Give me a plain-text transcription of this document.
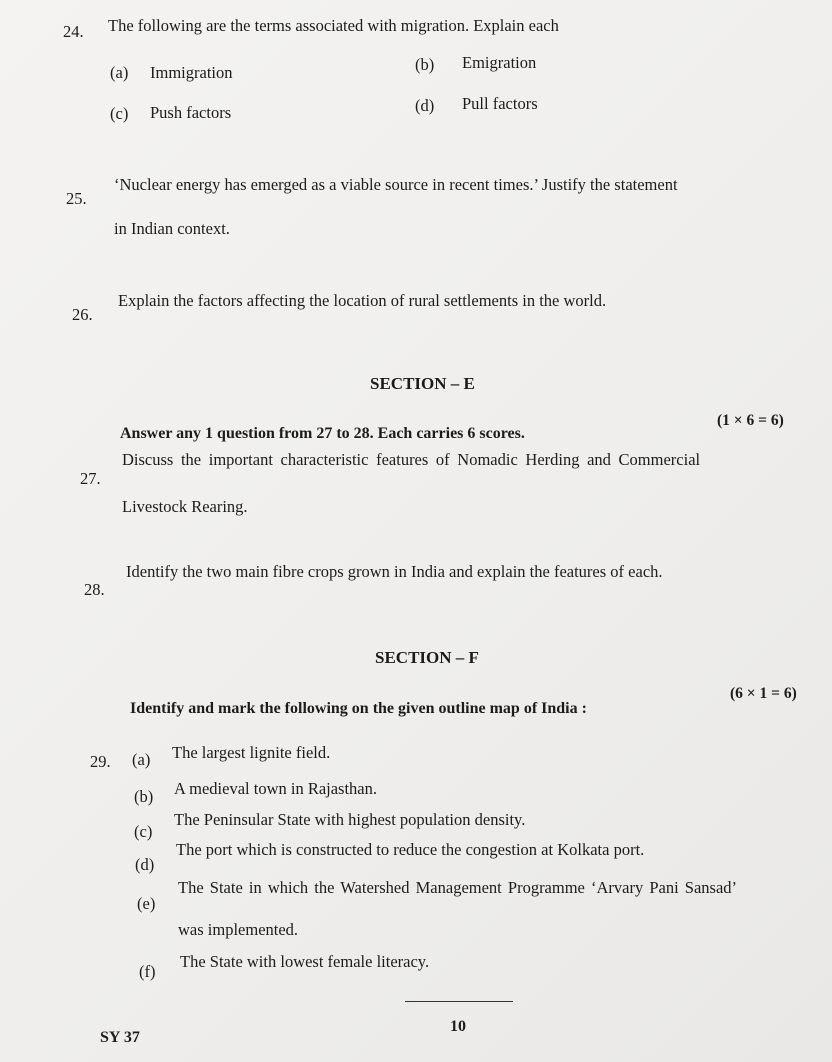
24. The following are the terms associated with migration. Explain each
(a) Immigration	(b) Emigration
(c) Push factors	(d) Pull factors
25.
‘Nuclear energy has emerged as a viable source in recent times.’ Justify the statement
in Indian context.
26.
Explain the factors affecting the location of rural settlements in the world.
SECTION – E
Answer any 1 question from 27 to 28. Each carries 6 scores.
(1 × 6 = 6)
27.
Discuss the important characteristic features of Nomadic Herding and Commercial
Livestock Rearing.
28.
Identify the two main fibre crops grown in India and explain the features of each.
SECTION – F
Identify and mark the following on the given outline map of India :
(6 × 1 = 6)
29. (a) The largest lignite field.
(b) A medieval town in Rajasthan.
(c)
The Peninsular State with highest population density.
(d)
The port which is constructed to reduce the congestion at Kolkata port.
(e)
The State in which the Watershed Management Programme ‘Arvary Pani Sansad’
was implemented.
(f)
The State with lowest female literacy.
SY 37
10
